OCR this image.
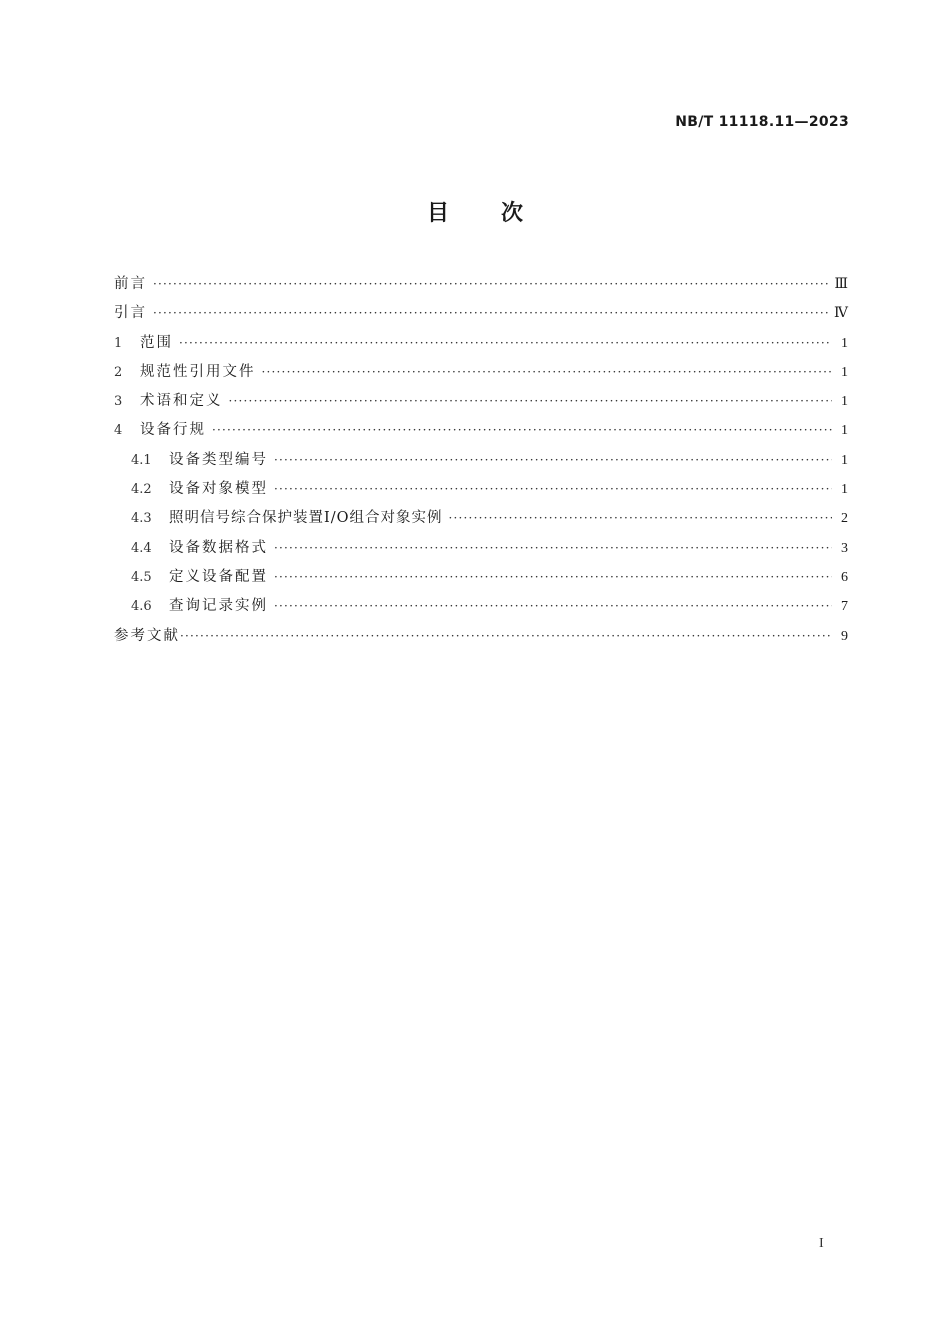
NB/T 11118.11—2023
目 次
前言 ·····	Ⅲ
引言 ·····	Ⅳ
1	范围 ·····	1
2	规范性引用文件 ·····	1
3	术语和定义 ·····	1
4	设备行规 ·····	1
4.1	设备类型编号 ·····	1
4.2	设备对象模型 ·····	1
4.3	照明信号综合保护装置I/O组合对象实例 ·····	2
4.4	设备数据格式 ·····	3
4.5	定义设备配置 ·····	6
4.6	查询记录实例 ·····	7
参考文献 ·····	9
I
